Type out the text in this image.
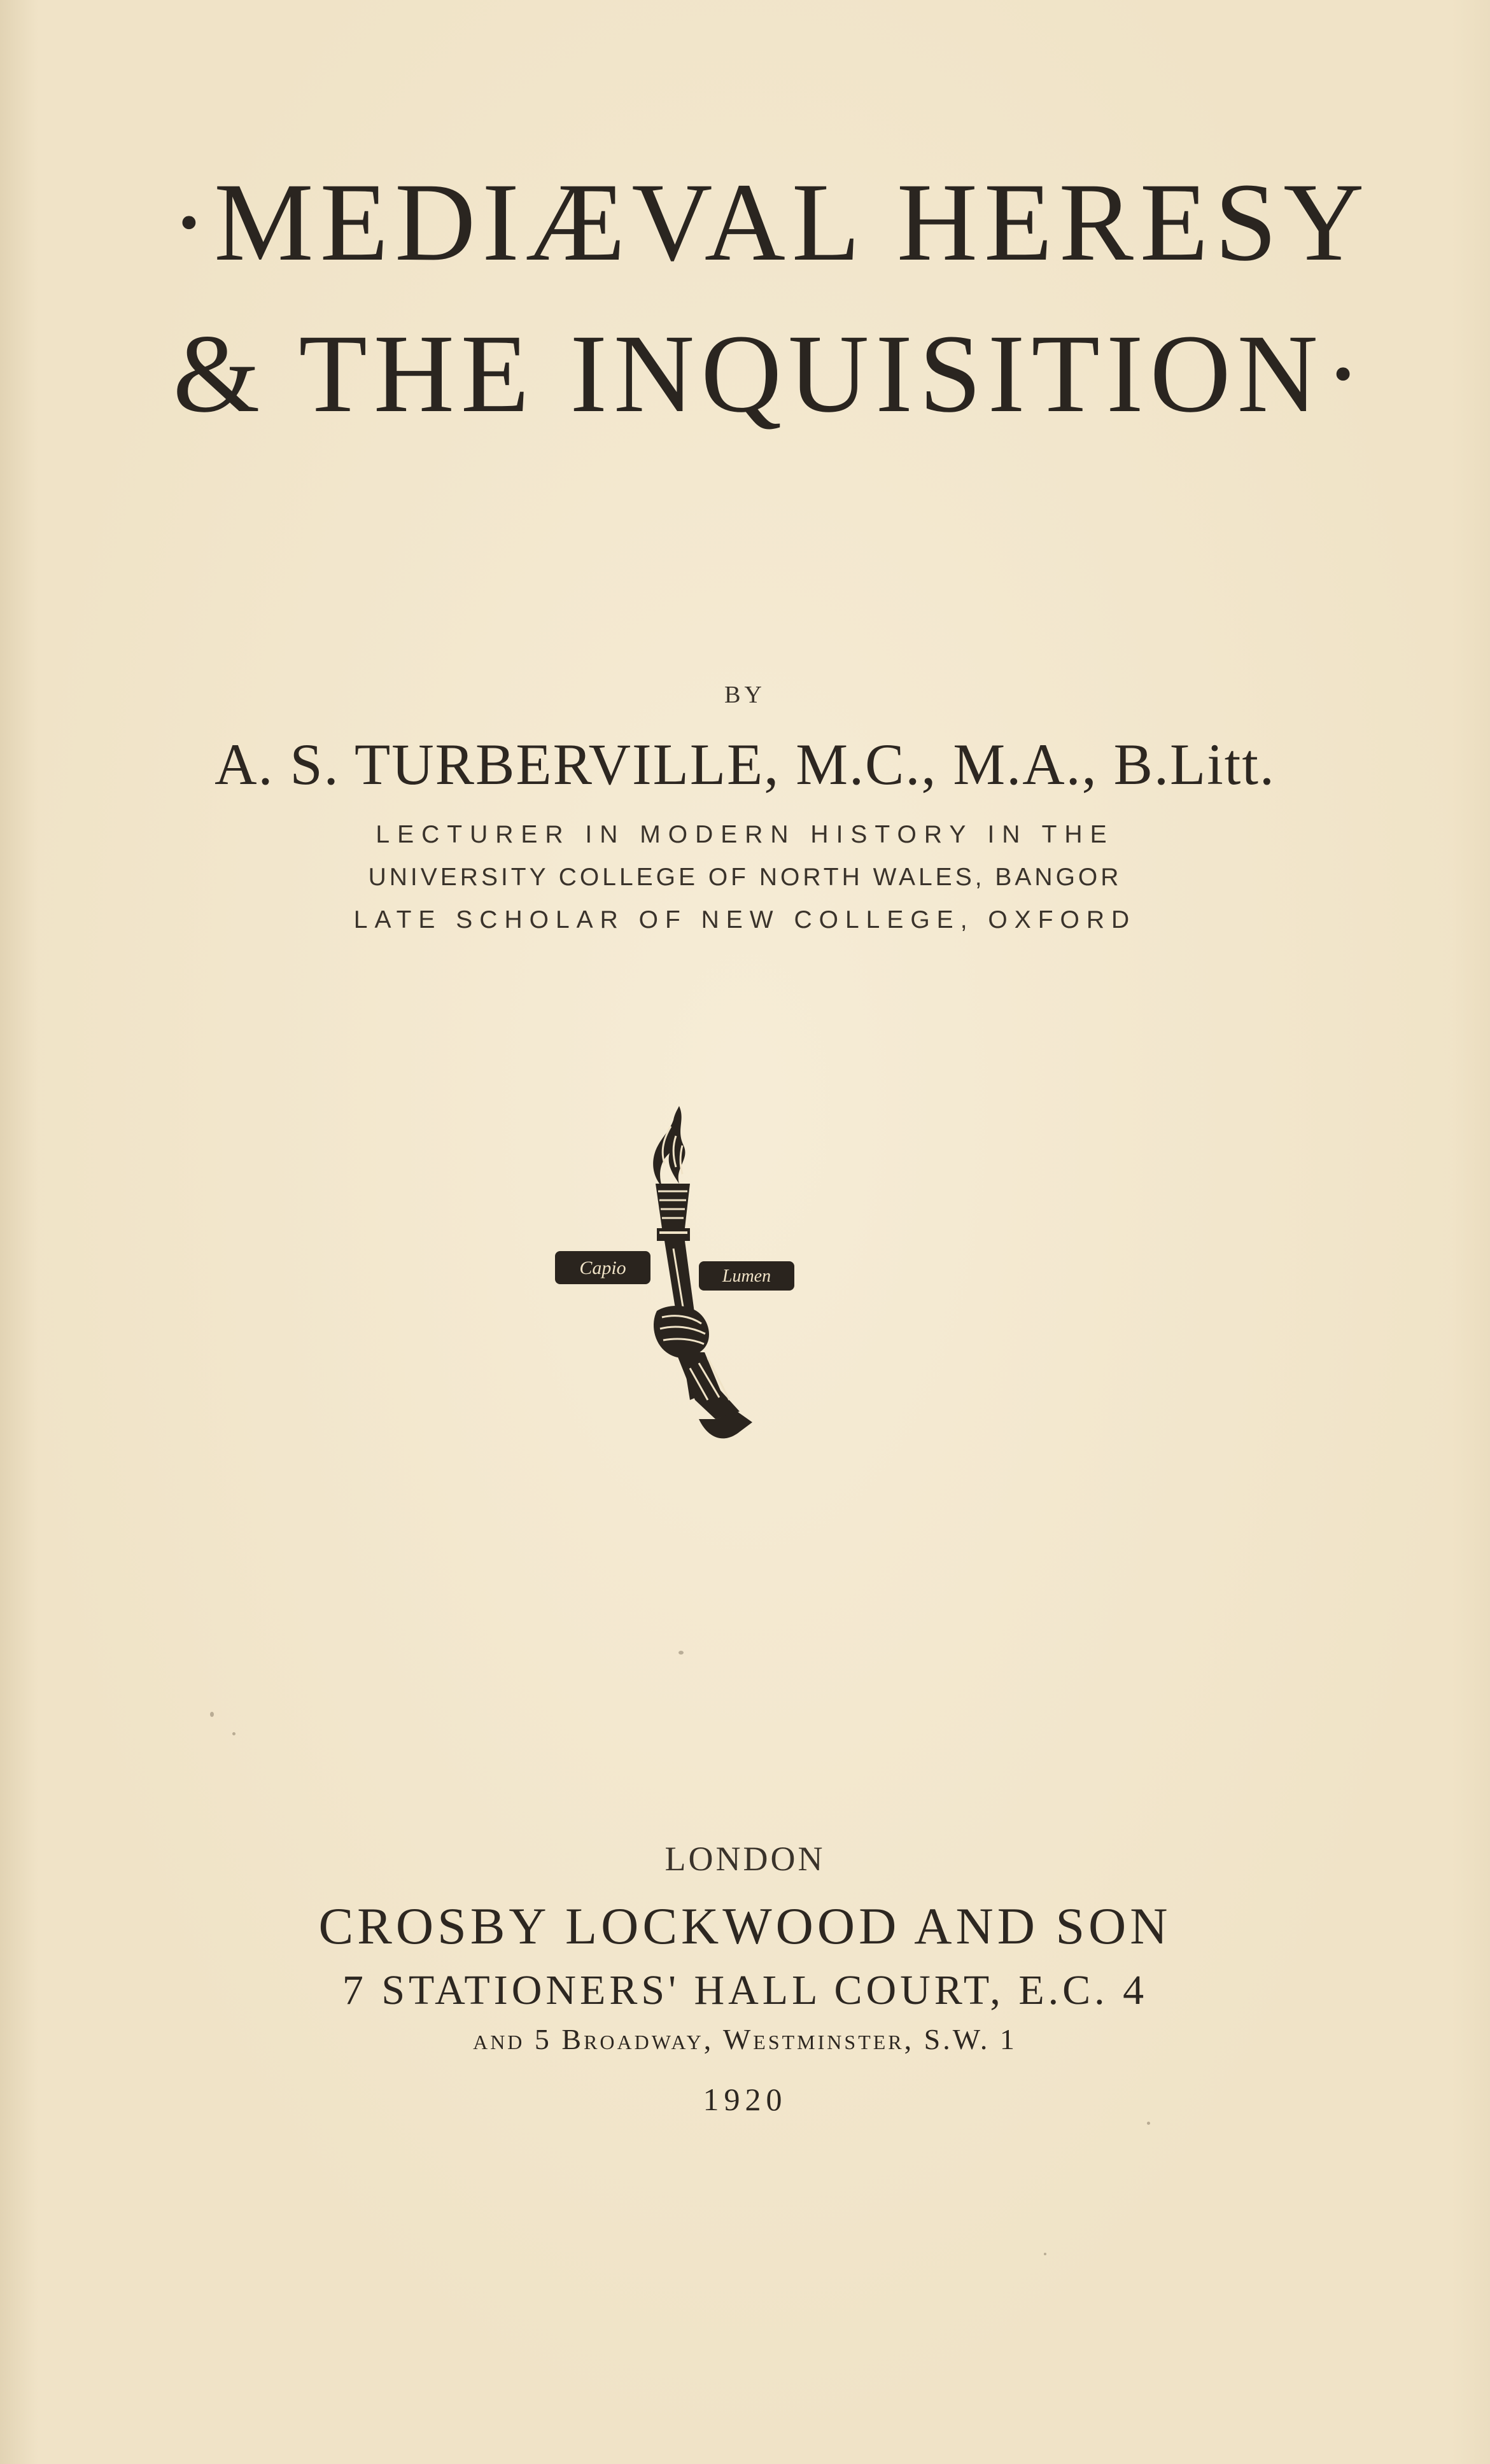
·MEDIÆVAL HERESY
& THE INQUISITION·
BY
A. S. TURBERVILLE, M.C., M.A., B.Litt.
LECTURER IN MODERN HISTORY IN THE
UNIVERSITY COLLEGE OF NORTH WALES, BANGOR
LATE SCHOLAR OF NEW COLLEGE, OXFORD
Capio	Lumen
LONDON
CROSBY LOCKWOOD AND SON
7 STATIONERS' HALL COURT, E.C. 4
and 5 Broadway, Westminster, S.W. 1
1920
